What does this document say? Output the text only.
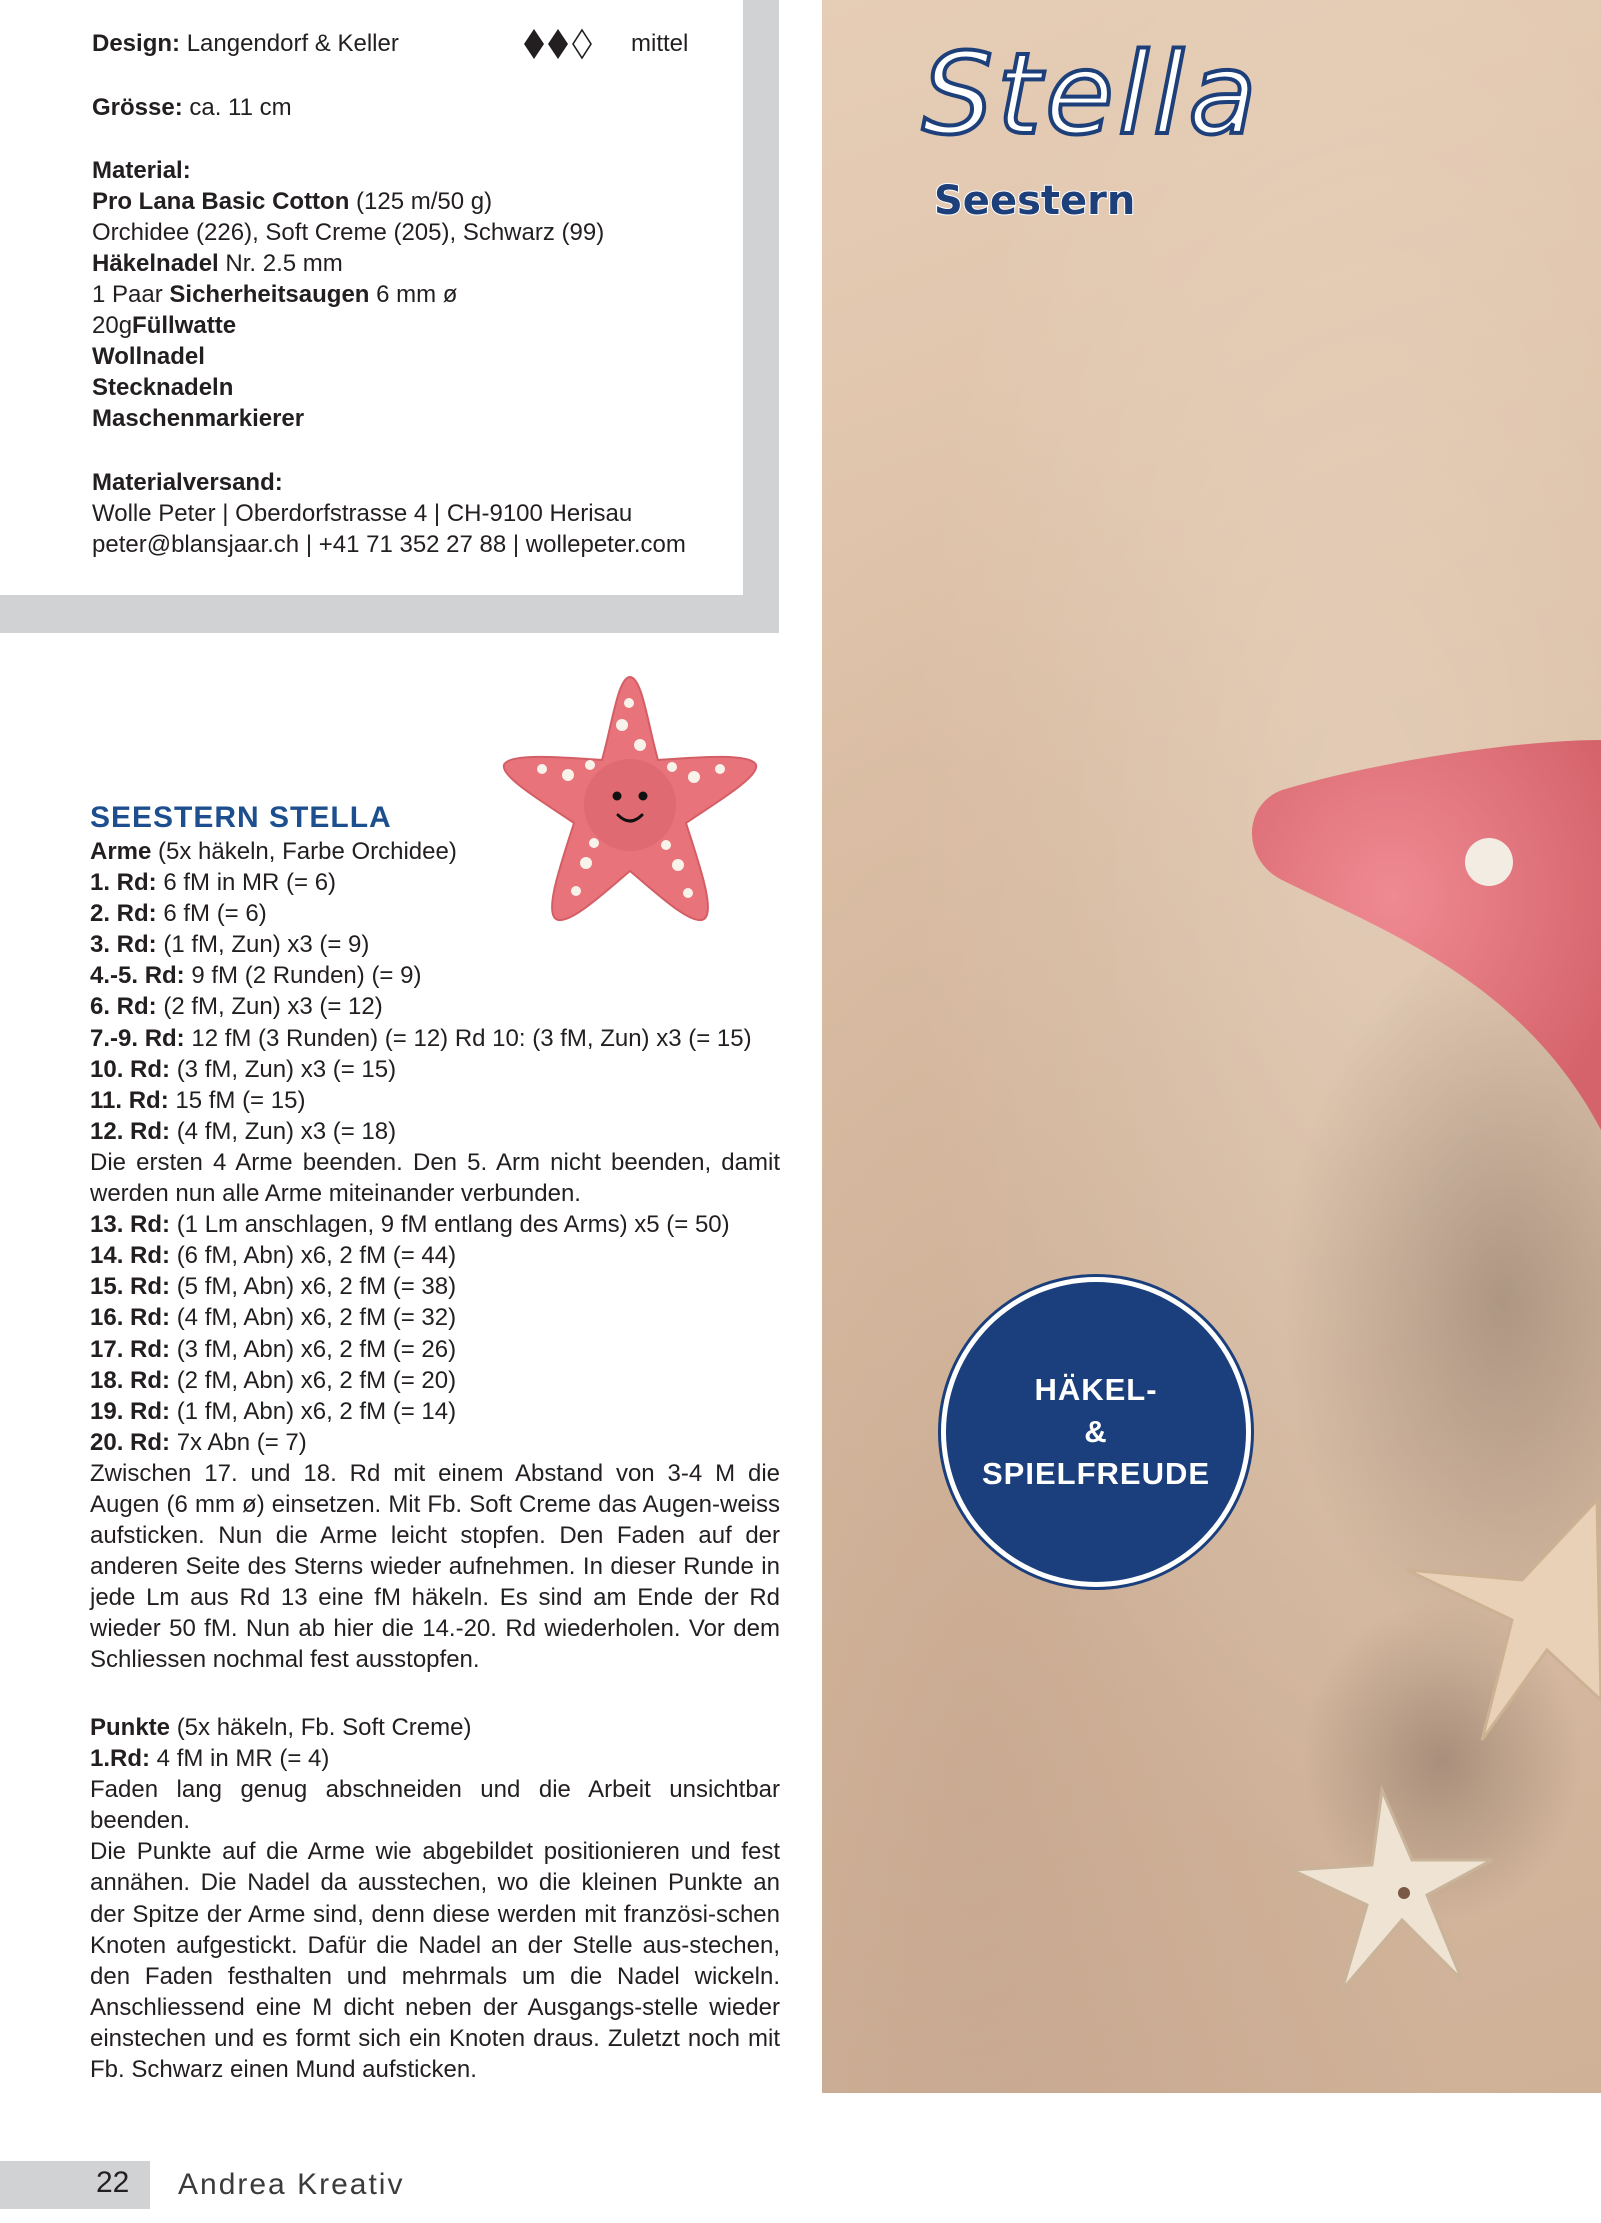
Design: Langendorf & Keller	mittel
Grösse: ca. 11 cm
Material:
Pro Lana Basic Cotton (125 m/50 g)
Orchidee (226), Soft Creme (205), Schwarz (99)
Häkelnadel Nr. 2.5 mm
1 Paar Sicherheitsaugen 6 mm ø
20gFüllwatte
Wollnadel
Stecknadeln
Maschenmarkierer
Materialversand:
Wolle Peter | Oberdorfstrasse 4 | CH-9100 Herisau
peter@blansjaar.ch | +41 71 352 27 88 | wollepeter.com
SEESTERN STELLA

Arme (5x häkeln, Farbe Orchidee)

1. Rd: 6 fM in MR (= 6)

2. Rd: 6 fM (= 6)

3. Rd: (1 fM, Zun) x3 (= 9)

4.-5. Rd: 9 fM (2 Runden) (= 9)

6. Rd: (2 fM, Zun) x3 (= 12)

7.-9. Rd: 12 fM (3 Runden) (= 12) Rd 10: (3 fM, Zun) x3 (= 15)

10. Rd: (3 fM, Zun) x3 (= 15)

11. Rd: 15 fM (= 15)

12. Rd: (4 fM, Zun) x3 (= 18)

Die ersten 4 Arme beenden. Den 5. Arm nicht beenden, damit werden nun alle Arme miteinander verbunden.

13. Rd: (1 Lm anschlagen, 9 fM entlang des Arms) x5 (= 50)

14. Rd: (6 fM, Abn) x6, 2 fM (= 44)

15. Rd: (5 fM, Abn) x6, 2 fM (= 38)

16. Rd: (4 fM, Abn) x6, 2 fM (= 32)

17. Rd: (3 fM, Abn) x6, 2 fM (= 26)

18. Rd: (2 fM, Abn) x6, 2 fM (= 20)

19. Rd: (1 fM, Abn) x6, 2 fM (= 14)

20. Rd: 7x Abn (= 7)

Zwischen 17. und 18. Rd mit einem Abstand von 3-4 M die Augen (6 mm ø) einsetzen. Mit Fb. Soft Creme das Augen-weiss aufsticken. Nun die Arme leicht stopfen. Den Faden auf der anderen Seite des Sterns wieder aufnehmen. In dieser Runde in jede Lm aus Rd 13 eine fM häkeln. Es sind am Ende der Rd wieder 50 fM. Nun ab hier die 14.-20. Rd wiederholen. Vor dem Schliessen nochmal fest ausstopfen.

Punkte (5x häkeln, Fb. Soft Creme)

1.Rd: 4 fM in MR (= 4)

Faden lang genug abschneiden und die Arbeit unsichtbar beenden.

Die Punkte auf die Arme wie abgebildet positionieren und fest annähen. Die Nadel da ausstechen, wo die kleinen Punkte an der Spitze der Arme sind, denn diese werden mit französi-schen Knoten aufgestickt. Dafür die Nadel an der Stelle aus-stechen, den Faden festhalten und mehrmals um die Nadel wickeln. Anschliessend eine M dicht neben der Ausgangs-stelle wieder einstechen und es formt sich ein Knoten draus. Zuletzt noch mit Fb. Schwarz einen Mund aufsticken.

Stella
Seestern
HÄKEL-
&
SPIELFREUDE
22 Andrea Kreativ
